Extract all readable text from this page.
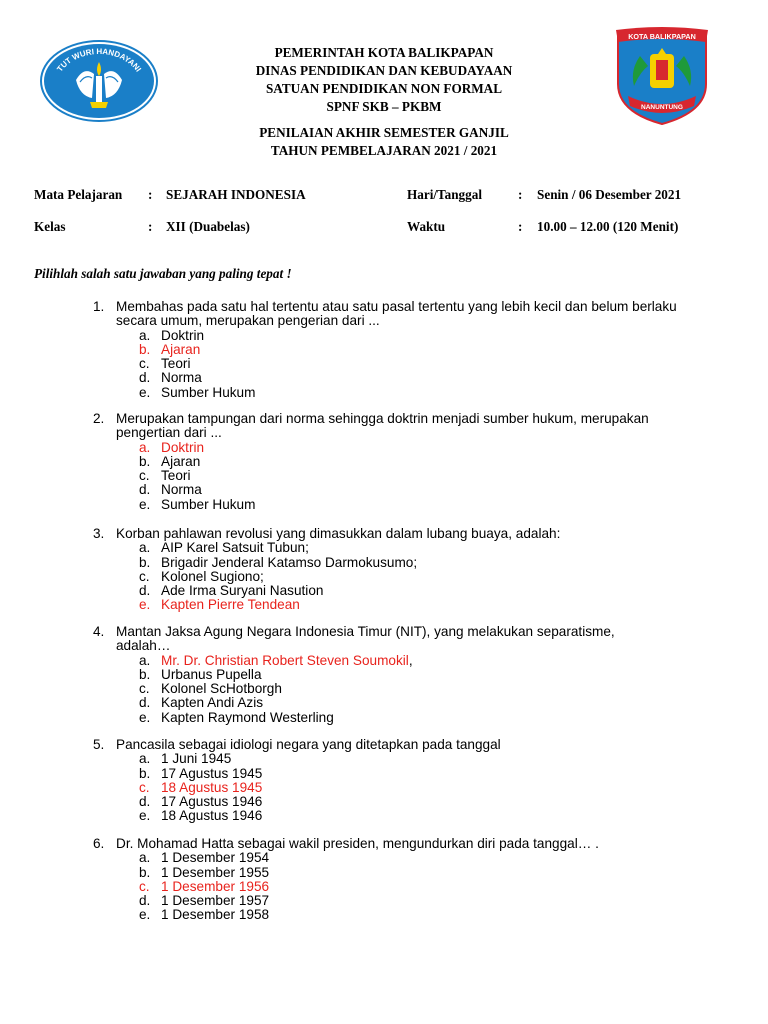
TUT WURI HANDAYANI
KOTA BALIKPAPAN
NANUNTUNG
PEMERINTAH KOTA BALIKPAPAN
DINAS PENDIDIKAN DAN KEBUDAYAAN
SATUAN PENDIDIKAN NON FORMAL
SPNF SKB – PKBM
PENILAIAN AKHIR SEMESTER GANJIL
TAHUN PEMBELAJARAN 2021 / 2021
Mata Pelajaran : SEJARAH INDONESIA	Hari/Tanggal	: Senin / 06 Desember 2021
Kelas	: XII (Duabelas)	Waktu	: 10.00 – 12.00 (120 Menit)
Pilihlah salah satu jawaban yang paling tepat !
1. Membahas pada satu hal tertentu atau satu pasal tertentu yang lebih kecil dan belum berlaku secara umum, merupakan pengerian dari ...
a. Doktrin
b. Ajaran
c. Teori
d. Norma
e. Sumber Hukum
2. Merupakan tampungan dari norma sehingga doktrin menjadi sumber hukum, merupakan pengertian dari ...
a. Doktrin
b. Ajaran
c. Teori
d. Norma
e. Sumber Hukum
3. Korban pahlawan revolusi yang dimasukkan dalam lubang buaya, adalah:
a. AIP Karel Satsuit Tubun;
b. Brigadir Jenderal Katamso Darmokusumo;
c. Kolonel Sugiono;
d. Ade Irma Suryani Nasution
e. Kapten Pierre Tendean
4. Mantan Jaksa Agung Negara Indonesia Timur (NIT), yang melakukan separatisme,
adalah…
a. Mr. Dr. Christian Robert Steven Soumokil ,
b. Urbanus Pupella
c. Kolonel ScHotborgh
d. Kapten Andi Azis
e. Kapten Raymond Westerling
5. Pancasila sebagai idiologi negara yang ditetapkan pada tanggal
a. 1 Juni 1945
b. 17 Agustus 1945
c. 18 Agustus 1945
d. 17 Agustus 1946
e. 18 Agustus 1946
6. Dr. Mohamad Hatta sebagai wakil presiden, mengundurkan diri pada tanggal… .
a. 1 Desember 1954
b. 1 Desember 1955
c. 1 Desember 1956
d. 1 Desember 1957
e. 1 Desember 1958
